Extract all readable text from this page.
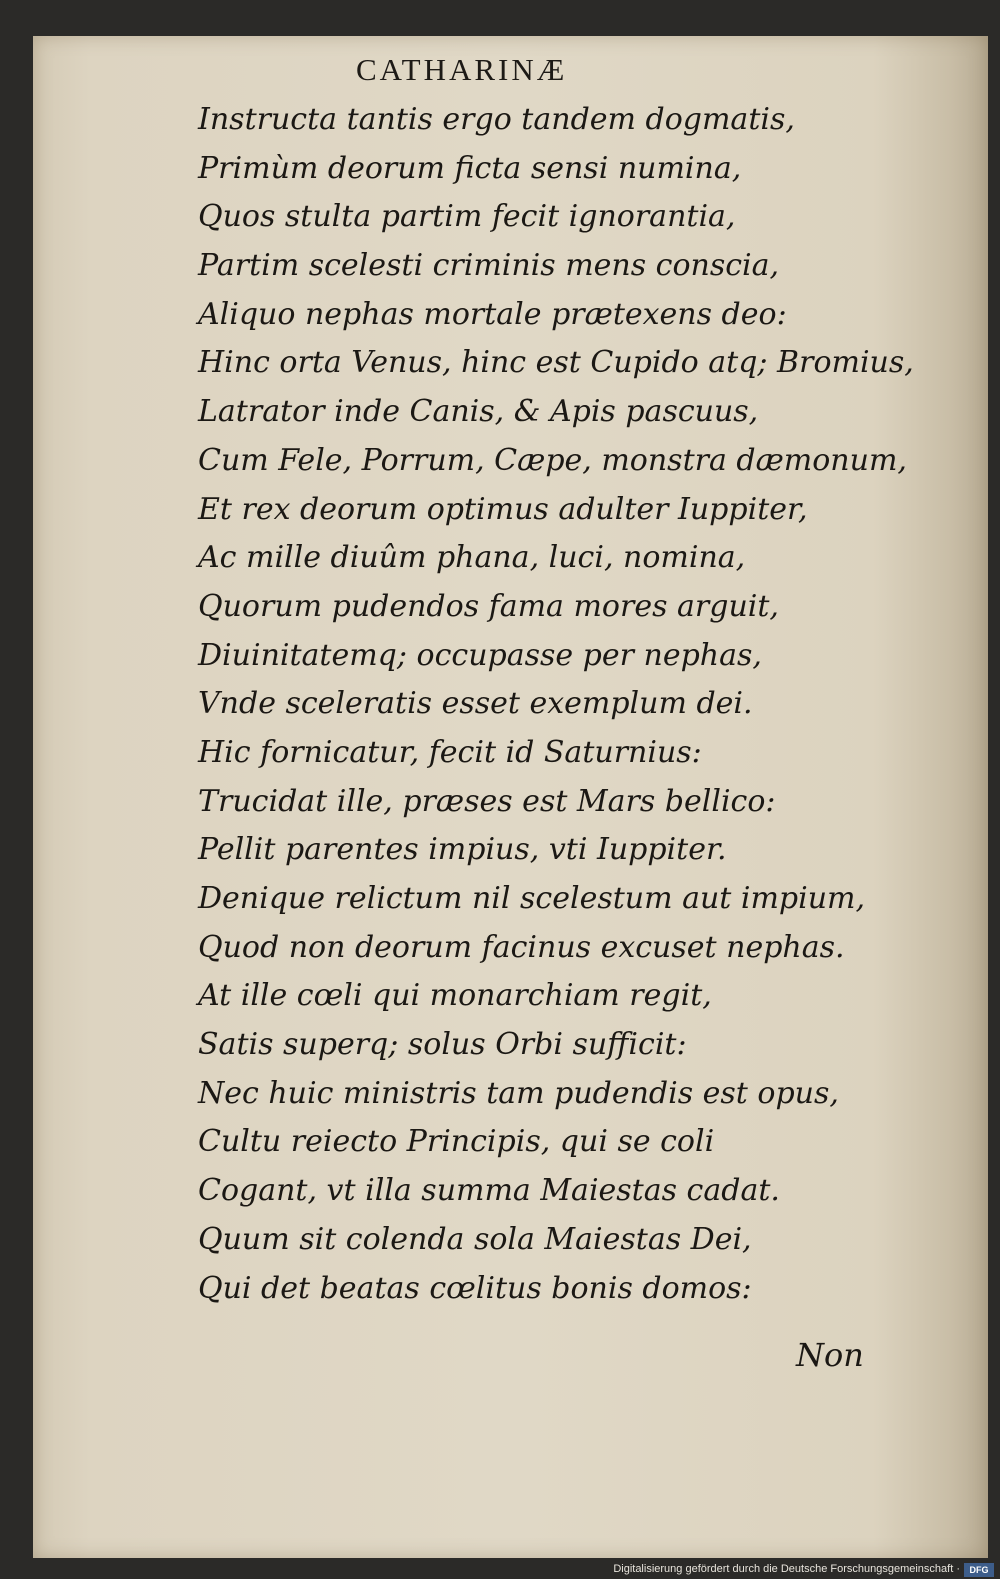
CATHARINÆ
Instructa tantis ergo tandem dogmatis,
Primùm deorum ficta sensi numina,
Quos stulta partim fecit ignorantia,
Partim scelesti criminis mens conscia,
Aliquo nephas mortale prætexens deo:
Hinc orta Venus, hinc est Cupido atq; Bromius,
Latrator inde Canis, & Apis pascuus,
Cum Fele, Porrum, Cæpe, monstra dæmonum,
Et rex deorum optimus adulter Iuppiter,
Ac mille diuûm phana, luci, nomina,
Quorum pudendos fama mores arguit,
Diuinitatemq; occupasse per nephas,
Vnde sceleratis esset exemplum dei.
Hic fornicatur, fecit id Saturnius:
Trucidat ille, præses est Mars bellico:
Pellit parentes impius, vti Iuppiter.
Denique relictum nil scelestum aut impium,
Quod non deorum facinus excuset nephas.
At ille cœli qui monarchiam regit,
Satis superq; solus Orbi sufficit:
Nec huic ministris tam pudendis est opus,
Cultu reiecto Principis, qui se coli
Cogant, vt illa summa Maiestas cadat.
Quum sit colenda sola Maiestas Dei,
Qui det beatas cœlitus bonis domos:
Non
Digitalisierung gefördert durch die Deutsche Forschungsgemeinschaft ·	DFG
